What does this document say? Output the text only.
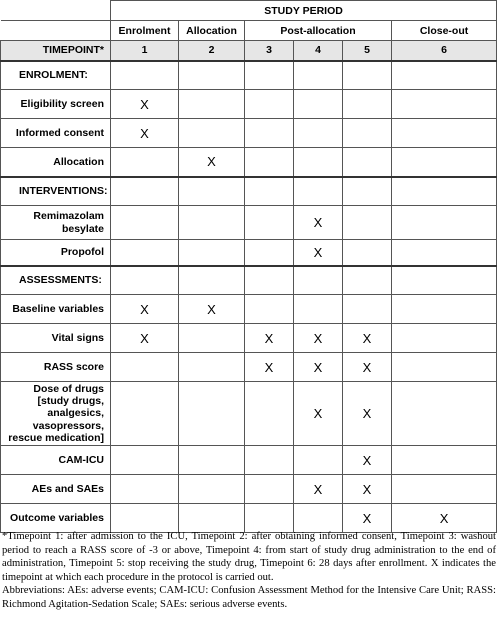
	STUDY PERIOD					
	Enrolment	Allocation	Post-allocation			Close-out
TIMEPOINT*	1	2	3	4	5	6
ENROLMENT:						
Eligibility screen	X					
Informed consent	X					
Allocation		X				
INTERVENTIONS:						
Remimazolam besylate				X		
Propofol				X		
ASSESSMENTS:						
Baseline variables	X	X				
Vital signs	X		X	X	X	
RASS score			X	X	X	
Dose of drugs [study drugs, analgesics, vasopressors, rescue medication]				X	X	
CAM-ICU					X	
AEs and SAEs				X	X	
Outcome variables					X	X

*Timepoint 1: after admission to the ICU, Timepoint 2: after obtaining informed consent, Timepoint 3: washout period to reach a RASS score of -3 or above, Timepoint 4: from start of study drug administration to the end of administration, Timepoint 5: stop receiving the study drug, Timepoint 6: 28 days after enrollment. X indicates the timepoint at which each procedure in the protocol is carried out.

Abbreviations: AEs: adverse events; CAM-ICU: Confusion Assessment Method for the Intensive Care Unit; RASS: Richmond Agitation-Sedation Scale; SAEs: serious adverse events.
